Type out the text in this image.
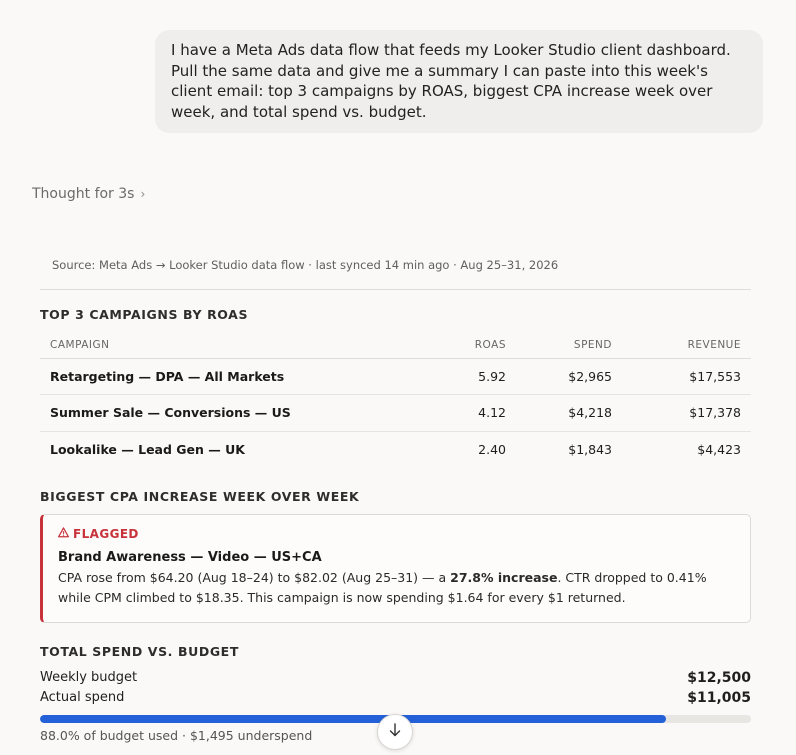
I have a Meta Ads data flow that feeds my Looker Studio client dashboard. Pull the same data and give me a summary I can paste into this week's client email: top 3 campaigns by ROAS, biggest CPA increase week over week, and total spend vs. budget.
Thought for 3s ›
Source: Meta Ads → Looker Studio data flow · last synced 14 min ago · Aug 25–31, 2026
TOP 3 CAMPAIGNS BY ROAS
CAMPAIGN	ROAS	SPEND	REVENUE
Retargeting — DPA — All Markets	5.92	$2,965	$17,553
Summer Sale — Conversions — US	4.12	$4,218	$17,378
Lookalike — Lead Gen — UK	2.40	$1,843	$4,423
BIGGEST CPA INCREASE WEEK OVER WEEK
FLAGGED
Brand Awareness — Video — US+CA
CPA rose from $64.20 (Aug 18–24) to $82.02 (Aug 25–31) — a 27.8% increase. CTR dropped to 0.41% while CPM climbed to $18.35. This campaign is now spending $1.64 for every $1 returned.
TOTAL SPEND VS. BUDGET
Weekly budget	$12,500
Actual spend	$11,005
88.0% of budget used · $1,495 underspend
